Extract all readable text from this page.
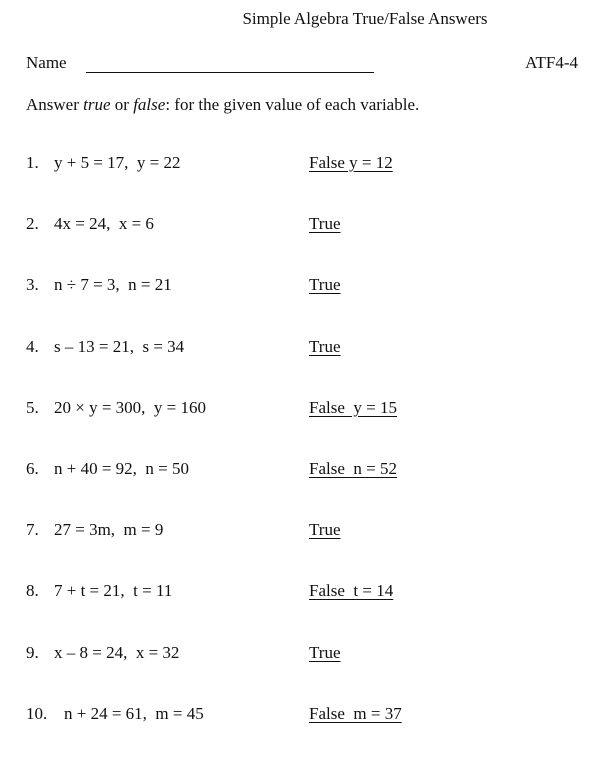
Simple Algebra True/False Answers
Name	ATF4-4
Answer true or false: for the given value of each variable.
1. y + 5 = 17,  y = 22	False y = 12
2. 4x = 24,  x = 6	True
3. n ÷ 7 = 3,  n = 21	True
4. s – 13 = 21,  s = 34	True
5. 20 × y = 300,  y = 160	False  y = 15
6. n + 40 = 92,  n = 50	False  n = 52
7. 27 = 3m,  m = 9	True
8. 7 + t = 21,  t = 11	False  t = 14
9. x – 8 = 24,  x = 32	True
10. n + 24 = 61,  m = 45	False  m = 37
